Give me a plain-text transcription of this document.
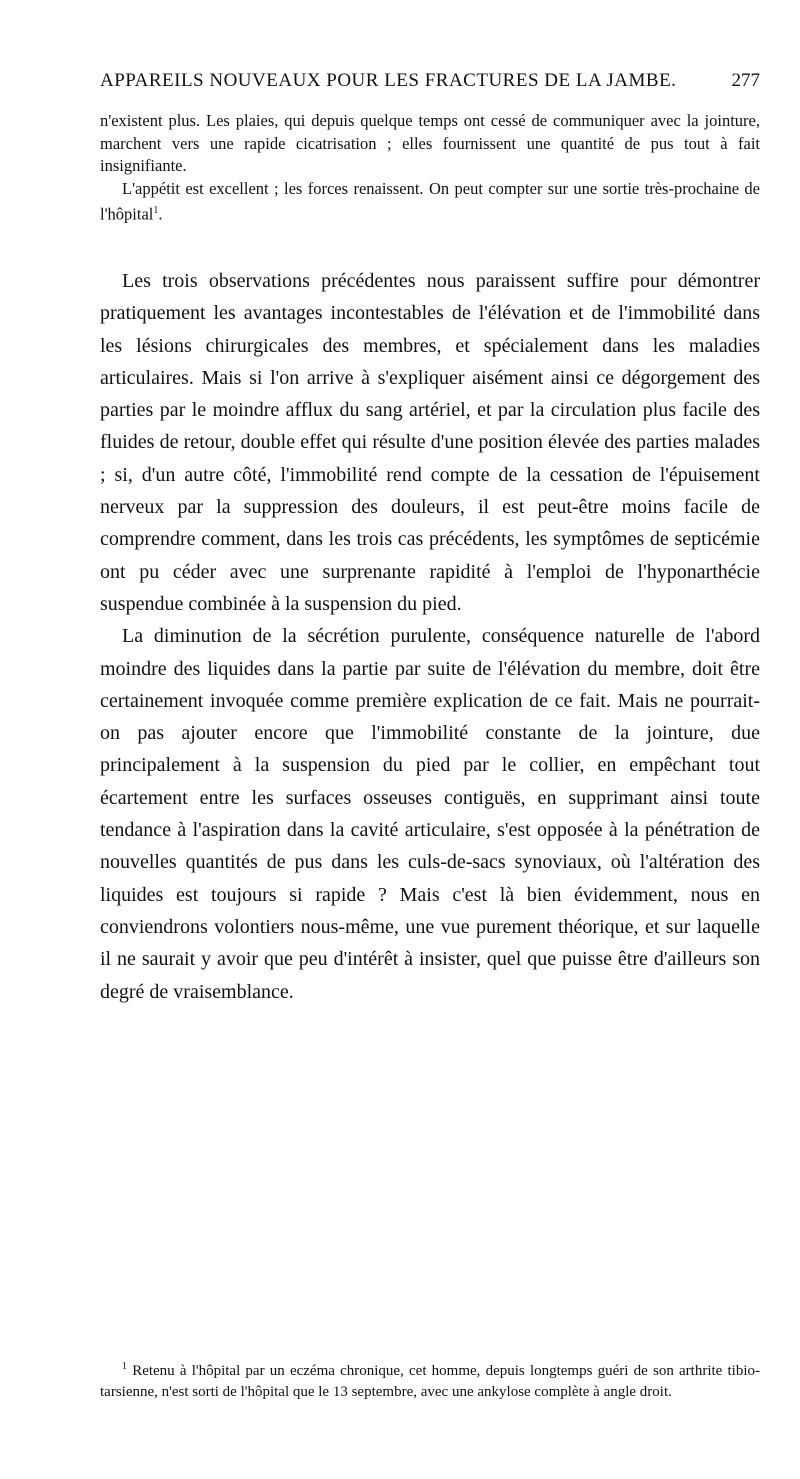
APPAREILS NOUVEAUX POUR LES FRACTURES DE LA JAMBE.	277

n'existent plus. Les plaies, qui depuis quelque temps ont cessé de communiquer avec la jointure, marchent vers une rapide cicatrisation ; elles fournissent une quantité de pus tout à fait insignifiante.

L'appétit est excellent ; les forces renaissent. On peut compter sur une sortie très-prochaine de l'hôpital$^1$.

Les trois observations précédentes nous paraissent suffire pour démontrer pratiquement les avantages incontestables de l'élévation et de l'immobilité dans les lésions chirurgicales des membres, et spécialement dans les maladies articulaires. Mais si l'on arrive à s'expliquer aisément ainsi ce dégorgement des parties par le moindre afflux du sang artériel, et par la circulation plus facile des fluides de retour, double effet qui résulte d'une position élevée des parties malades ; si, d'un autre côté, l'immobilité rend compte de la cessation de l'épuisement nerveux par la suppression des douleurs, il est peut-être moins facile de comprendre comment, dans les trois cas précédents, les symptômes de septicémie ont pu céder avec une surprenante rapidité à l'emploi de l'hyponarthécie suspendue combinée à la suspension du pied.

La diminution de la sécrétion purulente, conséquence naturelle de l'abord moindre des liquides dans la partie par suite de l'élévation du membre, doit être certainement invoquée comme première explication de ce fait. Mais ne pourrait-on pas ajouter encore que l'immobilité constante de la jointure, due principalement à la suspension du pied par le collier, en empêchant tout écartement entre les surfaces osseuses contiguës, en supprimant ainsi toute tendance à l'aspiration dans la cavité articulaire, s'est opposée à la pénétration de nouvelles quantités de pus dans les culs-de-sacs synoviaux, où l'altération des liquides est toujours si rapide ? Mais c'est là bien évidemment, nous en conviendrons volontiers nous-même, une vue purement théorique, et sur laquelle il ne saurait y avoir que peu d'intérêt à insister, quel que puisse être d'ailleurs son degré de vraisemblance.

$^1$ Retenu à l'hôpital par un eczéma chronique, cet homme, depuis longtemps guéri de son arthrite tibio-tarsienne, n'est sorti de l'hôpital que le 13 septembre, avec une ankylose complète à angle droit.
